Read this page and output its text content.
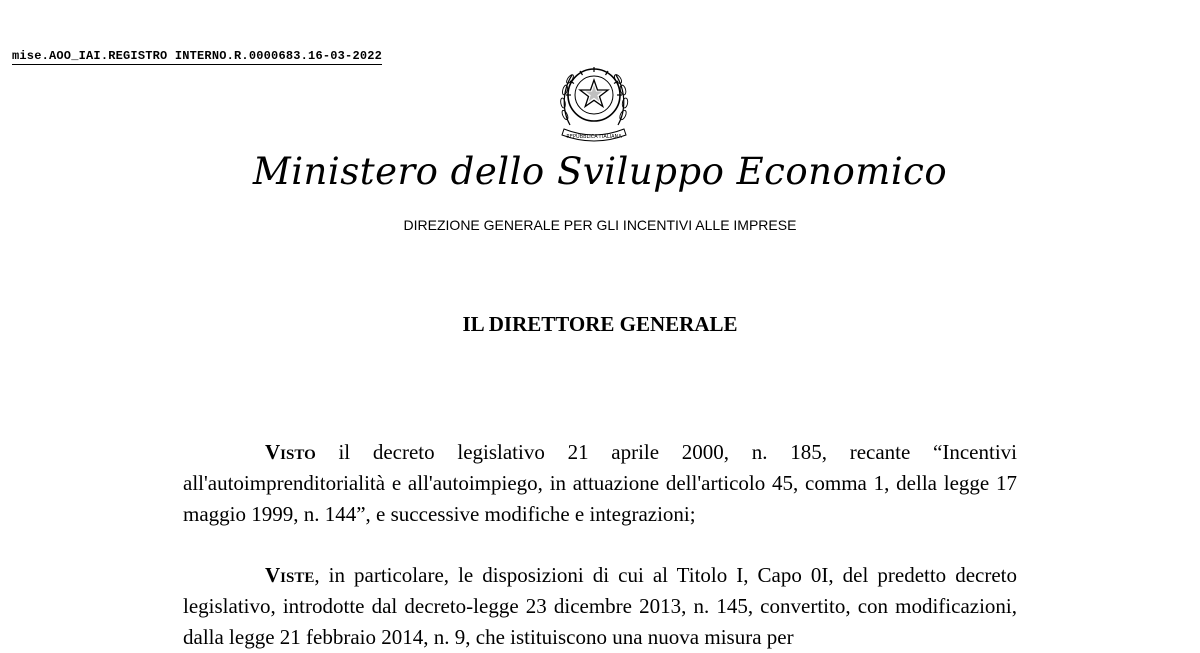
mise.AOO_IAI.REGISTRO INTERNO.R.0000683.16-03-2022
REPUBBLICA ITALIANA
Ministero dello Sviluppo Economico
DIREZIONE GENERALE PER GLI INCENTIVI ALLE IMPRESE
IL DIRETTORE GENERALE

Visto il decreto legislativo 21 aprile 2000, n. 185, recante “Incentivi all'autoimprenditorialità e all'autoimpiego, in attuazione dell'articolo 45, comma 1, della legge 17 maggio 1999, n. 144”, e successive modifiche e integrazioni;

Viste, in particolare, le disposizioni di cui al Titolo I, Capo 0I, del predetto decreto legislativo, introdotte dal decreto-legge 23 dicembre 2013, n. 145, convertito, con modificazioni, dalla legge 21 febbraio 2014, n. 9, che istituiscono una nuova misura per
